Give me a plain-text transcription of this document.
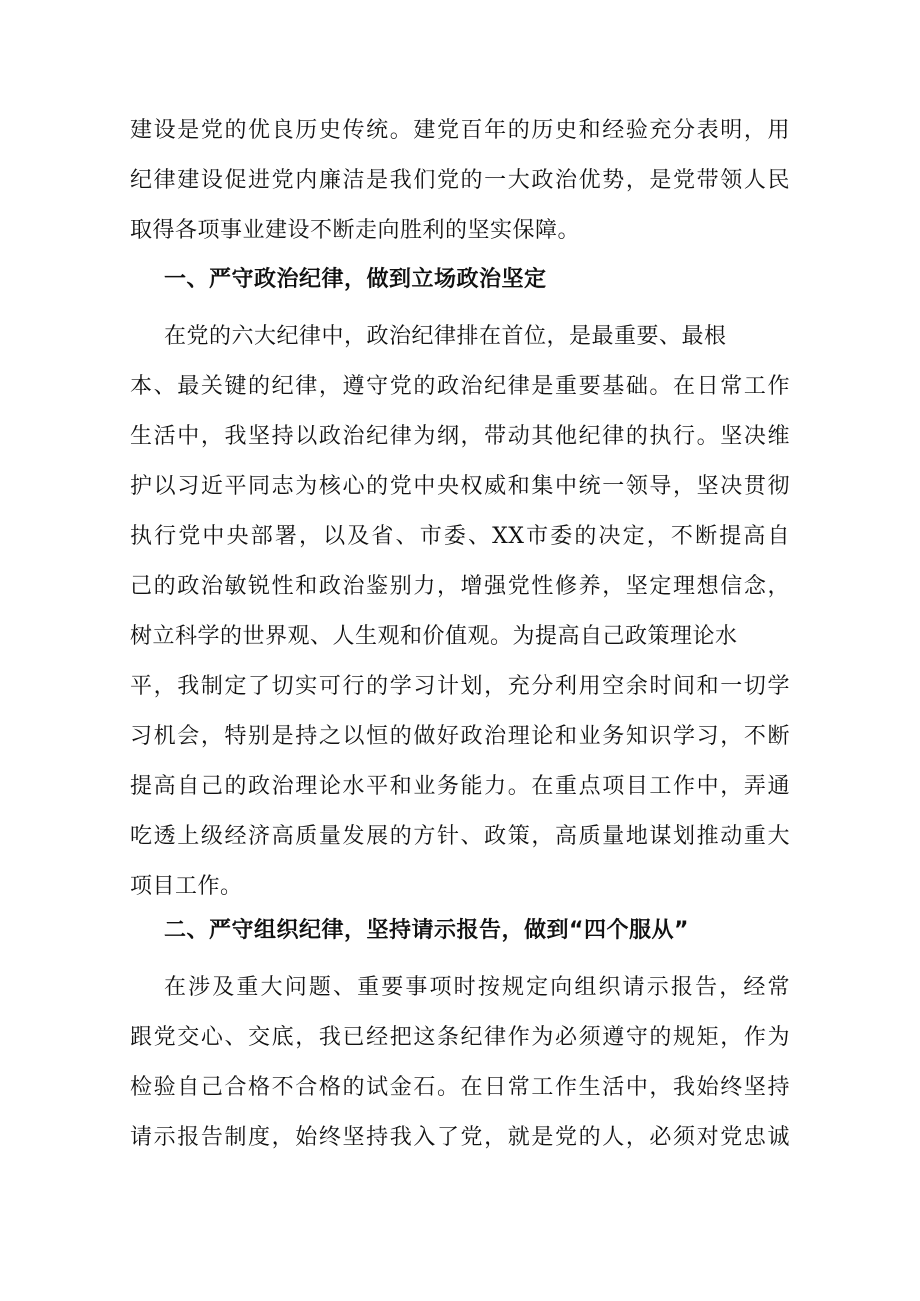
建设是党的优良历史传统。建党百年的历史和经验充分表明，用
纪律建设促进党内廉洁是我们党的一大政治优势，是党带领人民
取得各项事业建设不断走向胜利的坚实保障。
一、严守政治纪律，做到立场政治坚定
在党的六大纪律中，政治纪律排在首位，是最重要、最根
本、最关键的纪律，遵守党的政治纪律是重要基础。在日常工作
生活中，我坚持以政治纪律为纲，带动其他纪律的执行。坚决维
护以习近平同志为核心的党中央权威和集中统一领导，坚决贯彻
执行党中央部署，以及省、市委、XX市委的决定，不断提高自
己的政治敏锐性和政治鉴别力，增强党性修养，坚定理想信念，
树立科学的世界观、人生观和价值观。为提高自己政策理论水
平，我制定了切实可行的学习计划，充分利用空余时间和一切学
习机会，特别是持之以恒的做好政治理论和业务知识学习，不断
提高自己的政治理论水平和业务能力。在重点项目工作中，弄通
吃透上级经济高质量发展的方针、政策，高质量地谋划推动重大
项目工作。
二、严守组织纪律，坚持请示报告，做到“四个服从”
在涉及重大问题、重要事项时按规定向组织请示报告，经常
跟党交心、交底，我已经把这条纪律作为必须遵守的规矩，作为
检验自己合格不合格的试金石。在日常工作生活中，我始终坚持
请示报告制度，始终坚持我入了党，就是党的人，必须对党忠诚
